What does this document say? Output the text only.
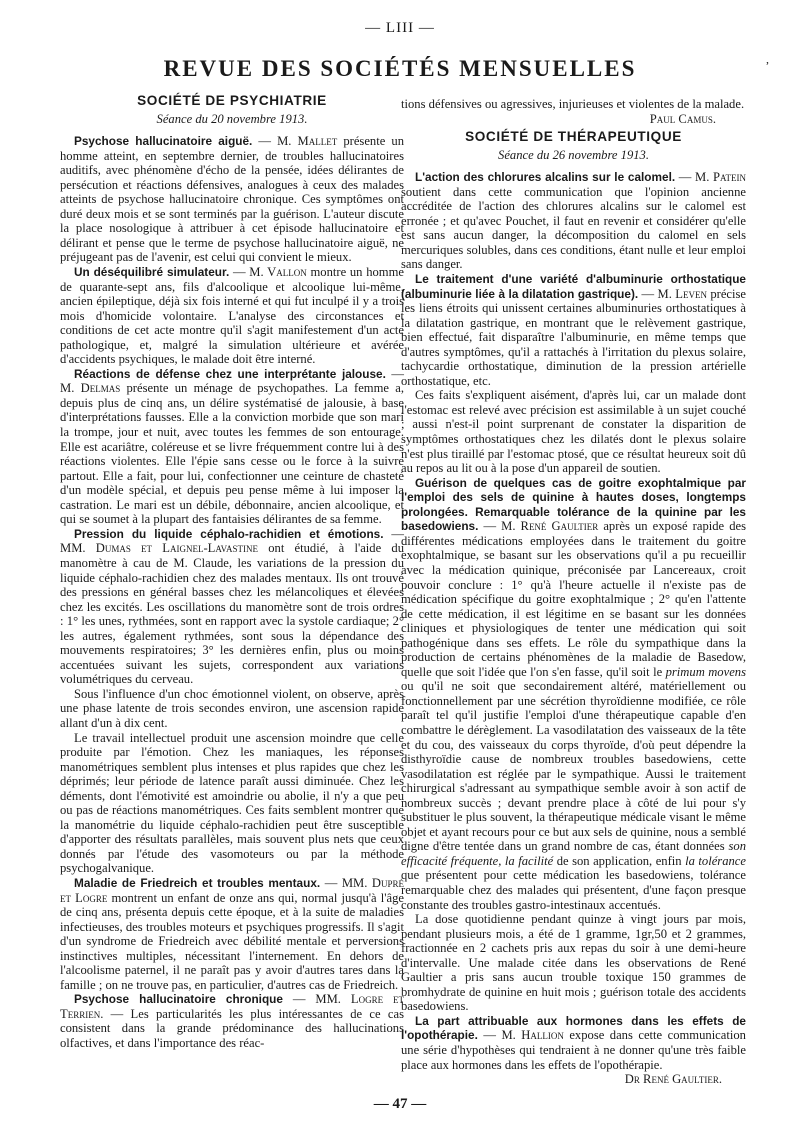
— LIII —
,
REVUE DES SOCIÉTÉS MENSUELLES
SOCIÉTÉ DE PSYCHIATRIE
Séance du 20 novembre 1913.

Psychose hallucinatoire aiguë. — M. Mallet présente un homme atteint, en septembre dernier, de troubles hallucinatoires auditifs, avec phénomène d'écho de la pensée, idées délirantes de persécution et réactions défensives, analogues à ceux des malades atteints de psychose hallucinatoire chronique. Ces symptômes ont duré deux mois et se sont terminés par la guérison. L'auteur discute la place nosologique à attribuer à cet épisode hallucinatoire et délirant et pense que le terme de psychose hallucinatoire aiguë, ne préjugeant pas de l'avenir, est celui qui convient le mieux.

Un déséquilibré simulateur. — M. Vallon montre un homme de quarante-sept ans, fils d'alcoolique et alcoolique lui-même, ancien épileptique, déjà six fois interné et qui fut inculpé il y a trois mois d'homicide volontaire. L'analyse des circonstances et conditions de cet acte montre qu'il s'agit manifestement d'un acte pathologique, et, malgré la simulation ultérieure et avérée d'accidents psychiques, le malade doit être interné.

Réactions de défense chez une interprétante jalouse. — M. Delmas présente un ménage de psychopathes. La femme a, depuis plus de cinq ans, un délire systématisé de jalousie, à base d'interprétations fausses. Elle a la conviction morbide que son mari la trompe, jour et nuit, avec toutes les femmes de son entourage. Elle est acariâtre, coléreuse et se livre fréquemment contre lui à des réactions violentes. Elle l'épie sans cesse ou le force à la suivre partout. Elle a fait, pour lui, confectionner une ceinture de chasteté d'un modèle spécial, et depuis peu pense même à lui imposer la castration. Le mari est un débile, débonnaire, ancien alcoolique, et qui se soumet à la plupart des fantaisies délirantes de sa femme.

Pression du liquide céphalo-rachidien et émotions. — MM. Dumas et Laignel-Lavastine ont étudié, à l'aide du manomètre à cau de M. Claude, les variations de la pression du liquide céphalo-rachidien chez des malades mentaux. Ils ont trouvé des pressions en général basses chez les mélancoliques et élevées chez les excités. Les oscillations du manomètre sont de trois ordres : 1° les unes, rythmées, sont en rapport avec la systole cardiaque; 2° les autres, également rythmées, sont sous la dépendance des mouvements respiratoires; 3° les dernières enfin, plus ou moins accentuées suivant les sujets, correspondent aux variations volumétriques du cerveau.

Sous l'influence d'un choc émotionnel violent, on observe, après une phase latente de trois secondes environ, une ascension rapide allant d'un à dix cent.

Le travail intellectuel produit une ascension moindre que celle produite par l'émotion. Chez les maniaques, les réponses manométriques semblent plus intenses et plus rapides que chez les déprimés; leur période de latence paraît aussi diminuée. Chez les déments, dont l'émotivité est amoindrie ou abolie, il n'y a que peu ou pas de réactions manométriques. Ces faits semblent montrer que la manométrie du liquide céphalo-rachidien peut être susceptible d'apporter des résultats parallèles, mais souvent plus nets que ceux donnés par l'étude des vasomoteurs ou par la méthode psychogalvanique.

Maladie de Friedreich et troubles mentaux. — MM. Dupré et Logre montrent un enfant de onze ans qui, normal jusqu'à l'âge de cinq ans, présenta depuis cette époque, et à la suite de maladies infectieuses, des troubles moteurs et psychiques progressifs. Il s'agit d'un syndrome de Friedreich avec débilité mentale et perversions instinctives multiples, nécessitant l'internement. En dehors de l'alcoolisme paternel, il ne paraît pas y avoir d'autres tares dans la famille ; on ne trouve pas, en particulier, d'autres cas de Friedreich.

Psychose hallucinatoire chronique — MM. Logre et Terrien. — Les particularités les plus intéressantes de ce cas consistent dans la grande prédominance des hallucinations olfactives, et dans l'importance des réac-

tions défensives ou agressives, injurieuses et violentes de la malade.

Paul Camus.
SOCIÉTÉ DE THÉRAPEUTIQUE
Séance du 26 novembre 1913.

L'action des chlorures alcalins sur le calomel. — M. Patein soutient dans cette communication que l'opinion ancienne accréditée de l'action des chlorures alcalins sur le calomel est erronée ; et qu'avec Pouchet, il faut en revenir et considérer qu'elle est sans aucun danger, la décomposition du calomel en sels mercuriques solubles, dans ces conditions, étant nulle et leur emploi sans danger.

Le traitement d'une variété d'albuminurie orthostatique (albuminurie liée à la dilatation gastrique). — M. Leven précise les liens étroits qui unissent certaines albuminuries orthostatiques à la dilatation gastrique, en montrant que le relèvement gastrique, bien effectué, fait disparaître l'albuminurie, en même temps que d'autres symptômes, qu'il a rattachés à l'irritation du plexus solaire, tachycardie orthostatique, diminution de la pression artérielle orthostatique, etc.

Ces faits s'expliquent aisément, d'après lui, car un malade dont l'estomac est relevé avec précision est assimilable à un sujet couché ; aussi n'est-il point surprenant de constater la disparition de symptômes orthostatiques chez les dilatés dont le plexus solaire n'est plus tiraillé par l'estomac ptosé, que ce résultat heureux soit dû au repos au lit ou à la pose d'un appareil de soutien.

Guérison de quelques cas de goitre exophtalmique par l'emploi des sels de quinine à hautes doses, longtemps prolongées. Remarquable tolérance de la quinine par les basedowiens. — M. René Gaultier après un exposé rapide des différentes médications employées dans le traitement du goitre exophtalmique, se basant sur les observations qu'il a pu recueillir avec la médication quinique, préconisée par Lancereaux, croit pouvoir conclure : 1° qu'à l'heure actuelle il n'existe pas de médication spécifique du goitre exophtalmique ; 2° qu'en l'attente de cette médication, il est légitime en se basant sur les données cliniques et physiologiques de tenter une médication qui soit pathogénique dans ses effets. Le rôle du sympathique dans la production de certains phénomènes de la maladie de Basedow, quelle que soit l'idée que l'on s'en fasse, qu'il soit le primum movens ou qu'il ne soit que secondairement altéré, matériellement ou fonctionnellement par une sécrétion thyroïdienne modifiée, ce rôle paraît tel qu'il justifie l'emploi d'une thérapeutique capable d'en combattre le dérèglement. La vasodilatation des vaisseaux de la tête et du cou, des vaisseaux du corps thyroïde, d'où peut dépendre la disthyroïdie cause de nombreux troubles basedowiens, cette vasodilatation est réglée par le sympathique. Aussi le traitement chirurgical s'adressant au sympathique semble avoir à son actif de nombreux succès ; devant prendre place à côté de lui pour s'y substituer le plus souvent, la thérapeutique médicale visant le même objet et ayant recours pour ce but aux sels de quinine, nous a semblé digne d'être tentée dans un grand nombre de cas, étant données son efficacité fréquente, la facilité de son application, enfin la tolérance que présentent pour cette médication les basedowiens, tolérance remarquable chez des malades qui présentent, d'une façon presque constante des troubles gastro-intestinaux accentués.

La dose quotidienne pendant quinze à vingt jours par mois, pendant plusieurs mois, a été de 1 gramme, 1gr,50 et 2 grammes, fractionnée en 2 cachets pris aux repas du soir à une demi-heure d'intervalle. Une malade citée dans les observations de René Gaultier a pris sans aucun trouble toxique 150 grammes de bromhydrate de quinine en huit mois ; guérison totale des accidents basedowiens.

La part attribuable aux hormones dans les effets de l'opothérapie. — M. Hallion expose dans cette communication une série d'hypothèses qui tendraient à ne donner qu'une très faible place aux hormones dans les effets de l'opothérapie.

Dr René Gaultier.
— 47 —
